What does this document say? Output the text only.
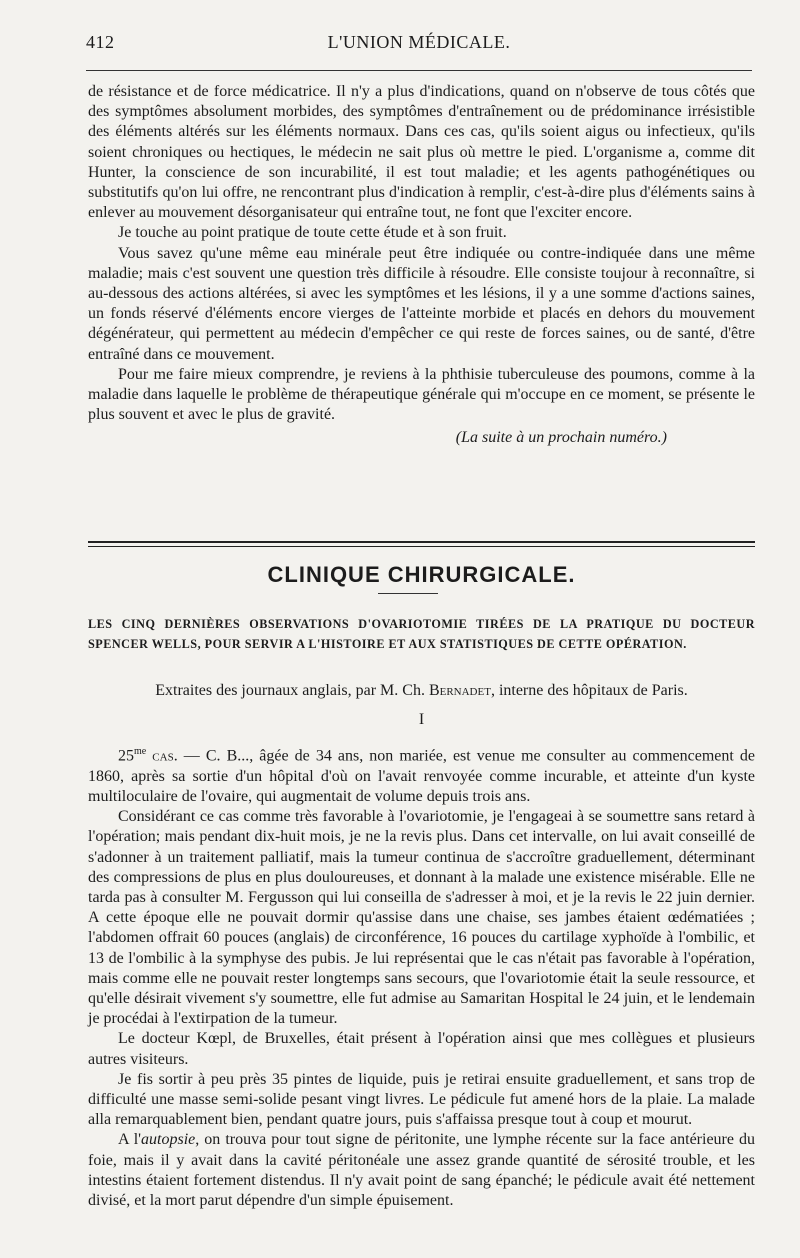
412	L'UNION MÉDICALE.

de résistance et de force médicatrice. Il n'y a plus d'indications, quand on n'observe de tous côtés que des symptômes absolument morbides, des symptômes d'entraînement ou de prédominance irrésistible des éléments altérés sur les éléments normaux. Dans ces cas, qu'ils soient aigus ou infectieux, qu'ils soient chroniques ou hectiques, le médecin ne sait plus où mettre le pied. L'organisme a, comme dit Hunter, la conscience de son incurabilité, il est tout maladie; et les agents pathogénétiques ou substitutifs qu'on lui offre, ne rencontrant plus d'indication à remplir, c'est-à-dire plus d'éléments sains à enlever au mouvement désorganisateur qui entraîne tout, ne font que l'exciter encore.

Je touche au point pratique de toute cette étude et à son fruit.

Vous savez qu'une même eau minérale peut être indiquée ou contre-indiquée dans une même maladie; mais c'est souvent une question très difficile à résoudre. Elle consiste toujour à reconnaître, si au-dessous des actions altérées, si avec les symptômes et les lésions, il y a une somme d'actions saines, un fonds réservé d'éléments encore vierges de l'atteinte morbide et placés en dehors du mouvement dégénérateur, qui permettent au médecin d'empêcher ce qui reste de forces saines, ou de santé, d'être entraîné dans ce mouvement.

Pour me faire mieux comprendre, je reviens à la phthisie tuberculeuse des poumons, comme à la maladie dans laquelle le problème de thérapeutique générale qui m'occupe en ce moment, se présente le plus souvent et avec le plus de gravité.

(La suite à un prochain numéro.)

CLINIQUE CHIRURGICALE.
LES CINQ DERNIÈRES OBSERVATIONS D'OVARIOTOMIE TIRÉES DE LA PRATIQUE DU DOCTEUR SPENCER WELLS, POUR SERVIR A L'HISTOIRE ET AUX STATISTIQUES DE CETTE OPÉRATION.
Extraites des journaux anglais, par M. Ch. Bernadet, interne des hôpitaux de Paris.
I

$25^{me}$ cas. — C. B..., âgée de 34 ans, non mariée, est venue me consulter au commencement de 1860, après sa sortie d'un hôpital d'où on l'avait renvoyée comme incurable, et atteinte d'un kyste multiloculaire de l'ovaire, qui augmentait de volume depuis trois ans.

Considérant ce cas comme très favorable à l'ovariotomie, je l'engageai à se soumettre sans retard à l'opération; mais pendant dix-huit mois, je ne la revis plus. Dans cet intervalle, on lui avait conseillé de s'adonner à un traitement palliatif, mais la tumeur continua de s'accroître graduellement, déterminant des compressions de plus en plus douloureuses, et donnant à la malade une existence misérable. Elle ne tarda pas à consulter M. Fergusson qui lui conseilla de s'adresser à moi, et je la revis le 22 juin dernier. A cette époque elle ne pouvait dormir qu'assise dans une chaise, ses jambes étaient œdématiées ; l'abdomen offrait 60 pouces (anglais) de circonférence, 16 pouces du cartilage xyphoïde à l'ombilic, et 13 de l'ombilic à la symphyse des pubis. Je lui représentai que le cas n'était pas favorable à l'opération, mais comme elle ne pouvait rester longtemps sans secours, que l'ovariotomie était la seule ressource, et qu'elle désirait vivement s'y soumettre, elle fut admise au Samaritan Hospital le 24 juin, et le lendemain je procédai à l'extirpation de la tumeur.

Le docteur Kœpl, de Bruxelles, était présent à l'opération ainsi que mes collègues et plusieurs autres visiteurs.

Je fis sortir à peu près 35 pintes de liquide, puis je retirai ensuite graduellement, et sans trop de difficulté une masse semi-solide pesant vingt livres. Le pédicule fut amené hors de la plaie. La malade alla remarquablement bien, pendant quatre jours, puis s'affaissa presque tout à coup et mourut.

A l'autopsie, on trouva pour tout signe de péritonite, une lymphe récente sur la face antérieure du foie, mais il y avait dans la cavité péritonéale une assez grande quantité de sérosité trouble, et les intestins étaient fortement distendus. Il n'y avait point de sang épanché; le pédicule avait été nettement divisé, et la mort parut dépendre d'un simple épuisement.
